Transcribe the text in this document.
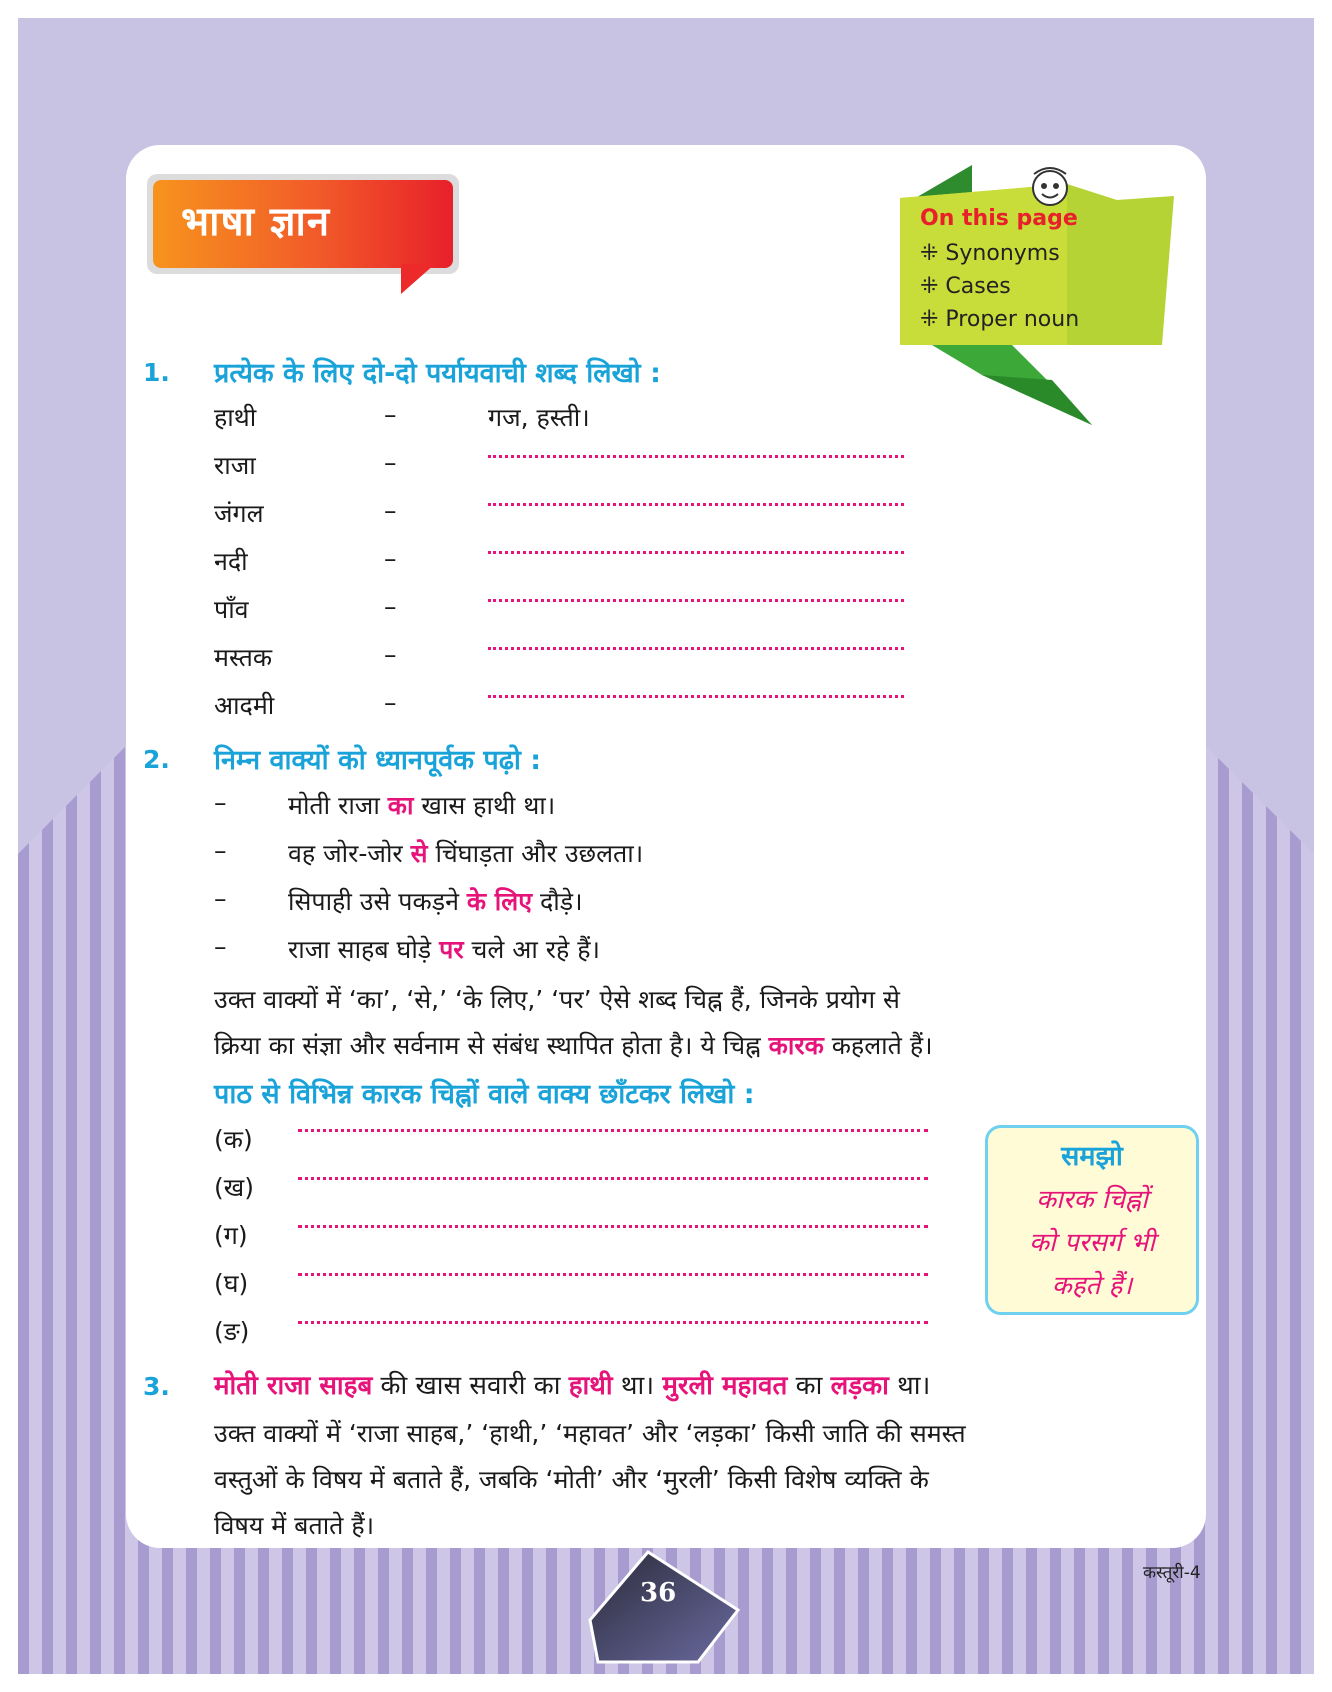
भाषा ज्ञान	On this page
⁜ Synonyms
⁜ Cases
⁜ Proper noun
1. प्रत्येक के लिए दो-दो पर्यायवाची शब्द लिखो :
हाथी
राजा
जंगल
नदी
पाँव
मस्तक
आदमी
–
–
–
–
–
–
–
गज, हस्ती।
2. निम्न वाक्यों को ध्यानपूर्वक पढ़ो :
– मोती राजा का खास हाथी था।
– वह जोर-जोर से चिंघाड़ता और उछलता।
– सिपाही उसे पकड़ने के लिए दौड़े।
– राजा साहब घोड़े पर चले आ रहे हैं।
उक्त वाक्यों में ‘का’, ‘से,’ ‘के लिए,’ ‘पर’ ऐसे शब्द चिह्न हैं, जिनके प्रयोग से
क्रिया का संज्ञा और सर्वनाम से संबंध स्थापित होता है। ये चिह्न कारक कहलाते हैं।
पाठ से विभिन्न कारक चिह्नों वाले वाक्य छाँटकर लिखो :
(क)
(ख)
(ग)
(घ)
(ङ)
समझो
कारक चिह्नों
को परसर्ग भी
कहते हैं।
3. मोती राजा साहब की खास सवारी का हाथी था। मुरली महावत का लड़का था।
उक्त वाक्यों में ‘राजा साहब,’ ‘हाथी,’ ‘महावत’ और ‘लड़का’ किसी जाति की समस्त
वस्तुओं के विषय में बताते हैं, जबकि ‘मोती’ और ‘मुरली’ किसी विशेष व्यक्ति के
विषय में बताते हैं।
36
कस्तूरी-4
